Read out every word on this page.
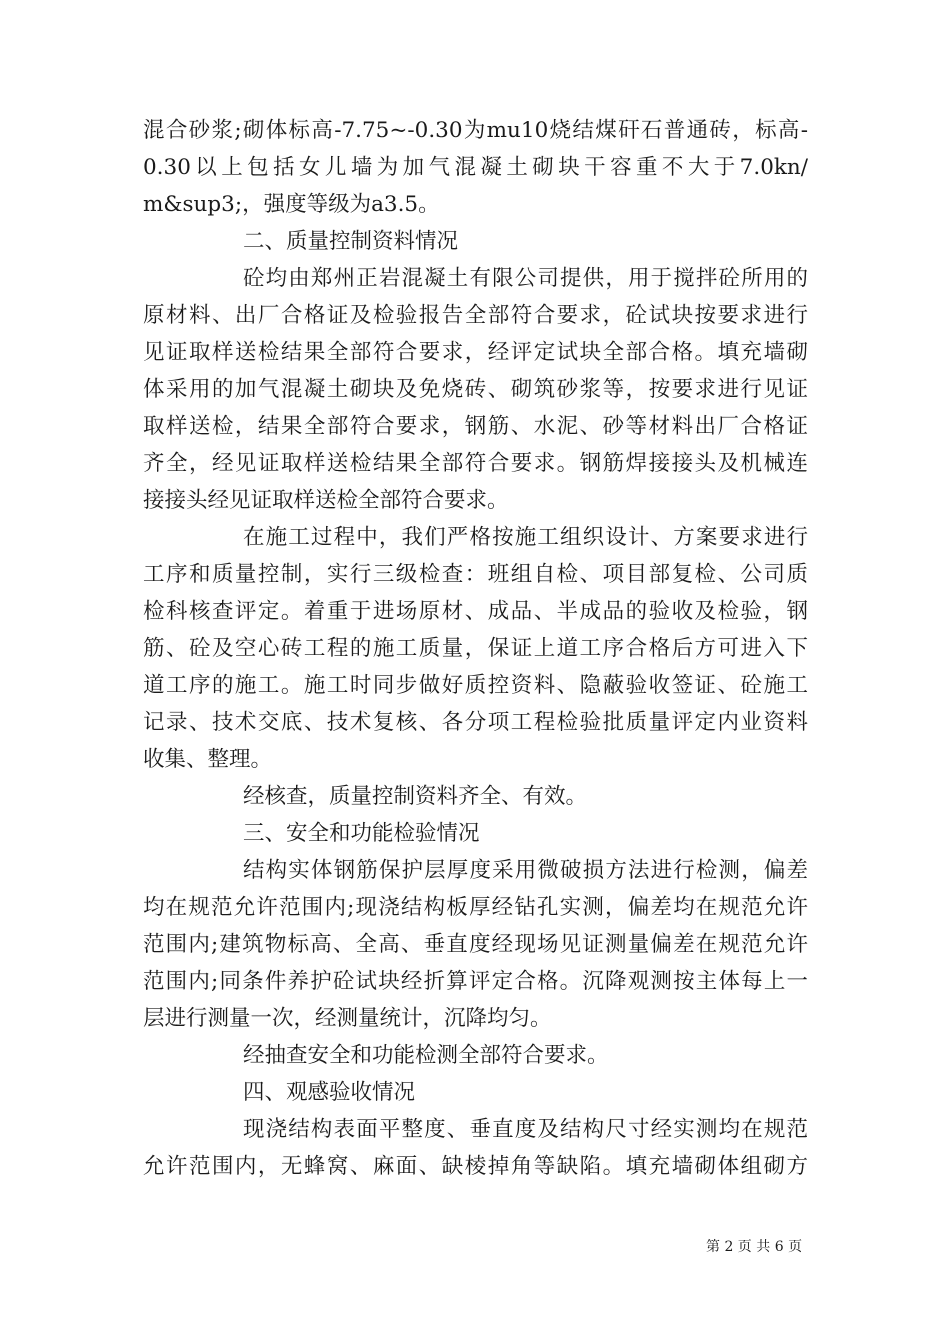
混合砂浆;砌体标高-7.75~-0.30为mu10烧结煤矸石普通砖，标高-
0.30以上包括女儿墙为加气混凝土砌块干容重不大于7.0kn/
m&sup3;，强度等级为a3.5。
二、质量控制资料情况
砼均由郑州正岩混凝土有限公司提供，用于搅拌砼所用的
原材料、出厂合格证及检验报告全部符合要求，砼试块按要求进行
见证取样送检结果全部符合要求，经评定试块全部合格。填充墙砌
体采用的加气混凝土砌块及免烧砖、砌筑砂浆等，按要求进行见证
取样送检，结果全部符合要求，钢筋、水泥、砂等材料出厂合格证
齐全，经见证取样送检结果全部符合要求。钢筋焊接接头及机械连
接接头经见证取样送检全部符合要求。
在施工过程中，我们严格按施工组织设计、方案要求进行
工序和质量控制，实行三级检查：班组自检、项目部复检、公司质
检科核查评定。着重于进场原材、成品、半成品的验收及检验，钢
筋、砼及空心砖工程的施工质量，保证上道工序合格后方可进入下
道工序的施工。施工时同步做好质控资料、隐蔽验收签证、砼施工
记录、技术交底、技术复核、各分项工程检验批质量评定内业资料
收集、整理。
经核查，质量控制资料齐全、有效。
三、安全和功能检验情况
结构实体钢筋保护层厚度采用微破损方法进行检测，偏差
均在规范允许范围内;现浇结构板厚经钻孔实测，偏差均在规范允许
范围内;建筑物标高、全高、垂直度经现场见证测量偏差在规范允许
范围内;同条件养护砼试块经折算评定合格。沉降观测按主体每上一
层进行测量一次，经测量统计，沉降均匀。
经抽查安全和功能检测全部符合要求。
四、观感验收情况
现浇结构表面平整度、垂直度及结构尺寸经实测均在规范
允许范围内，无蜂窝、麻面、缺棱掉角等缺陷。填充墙砌体组砌方
第 2 页 共 6 页
